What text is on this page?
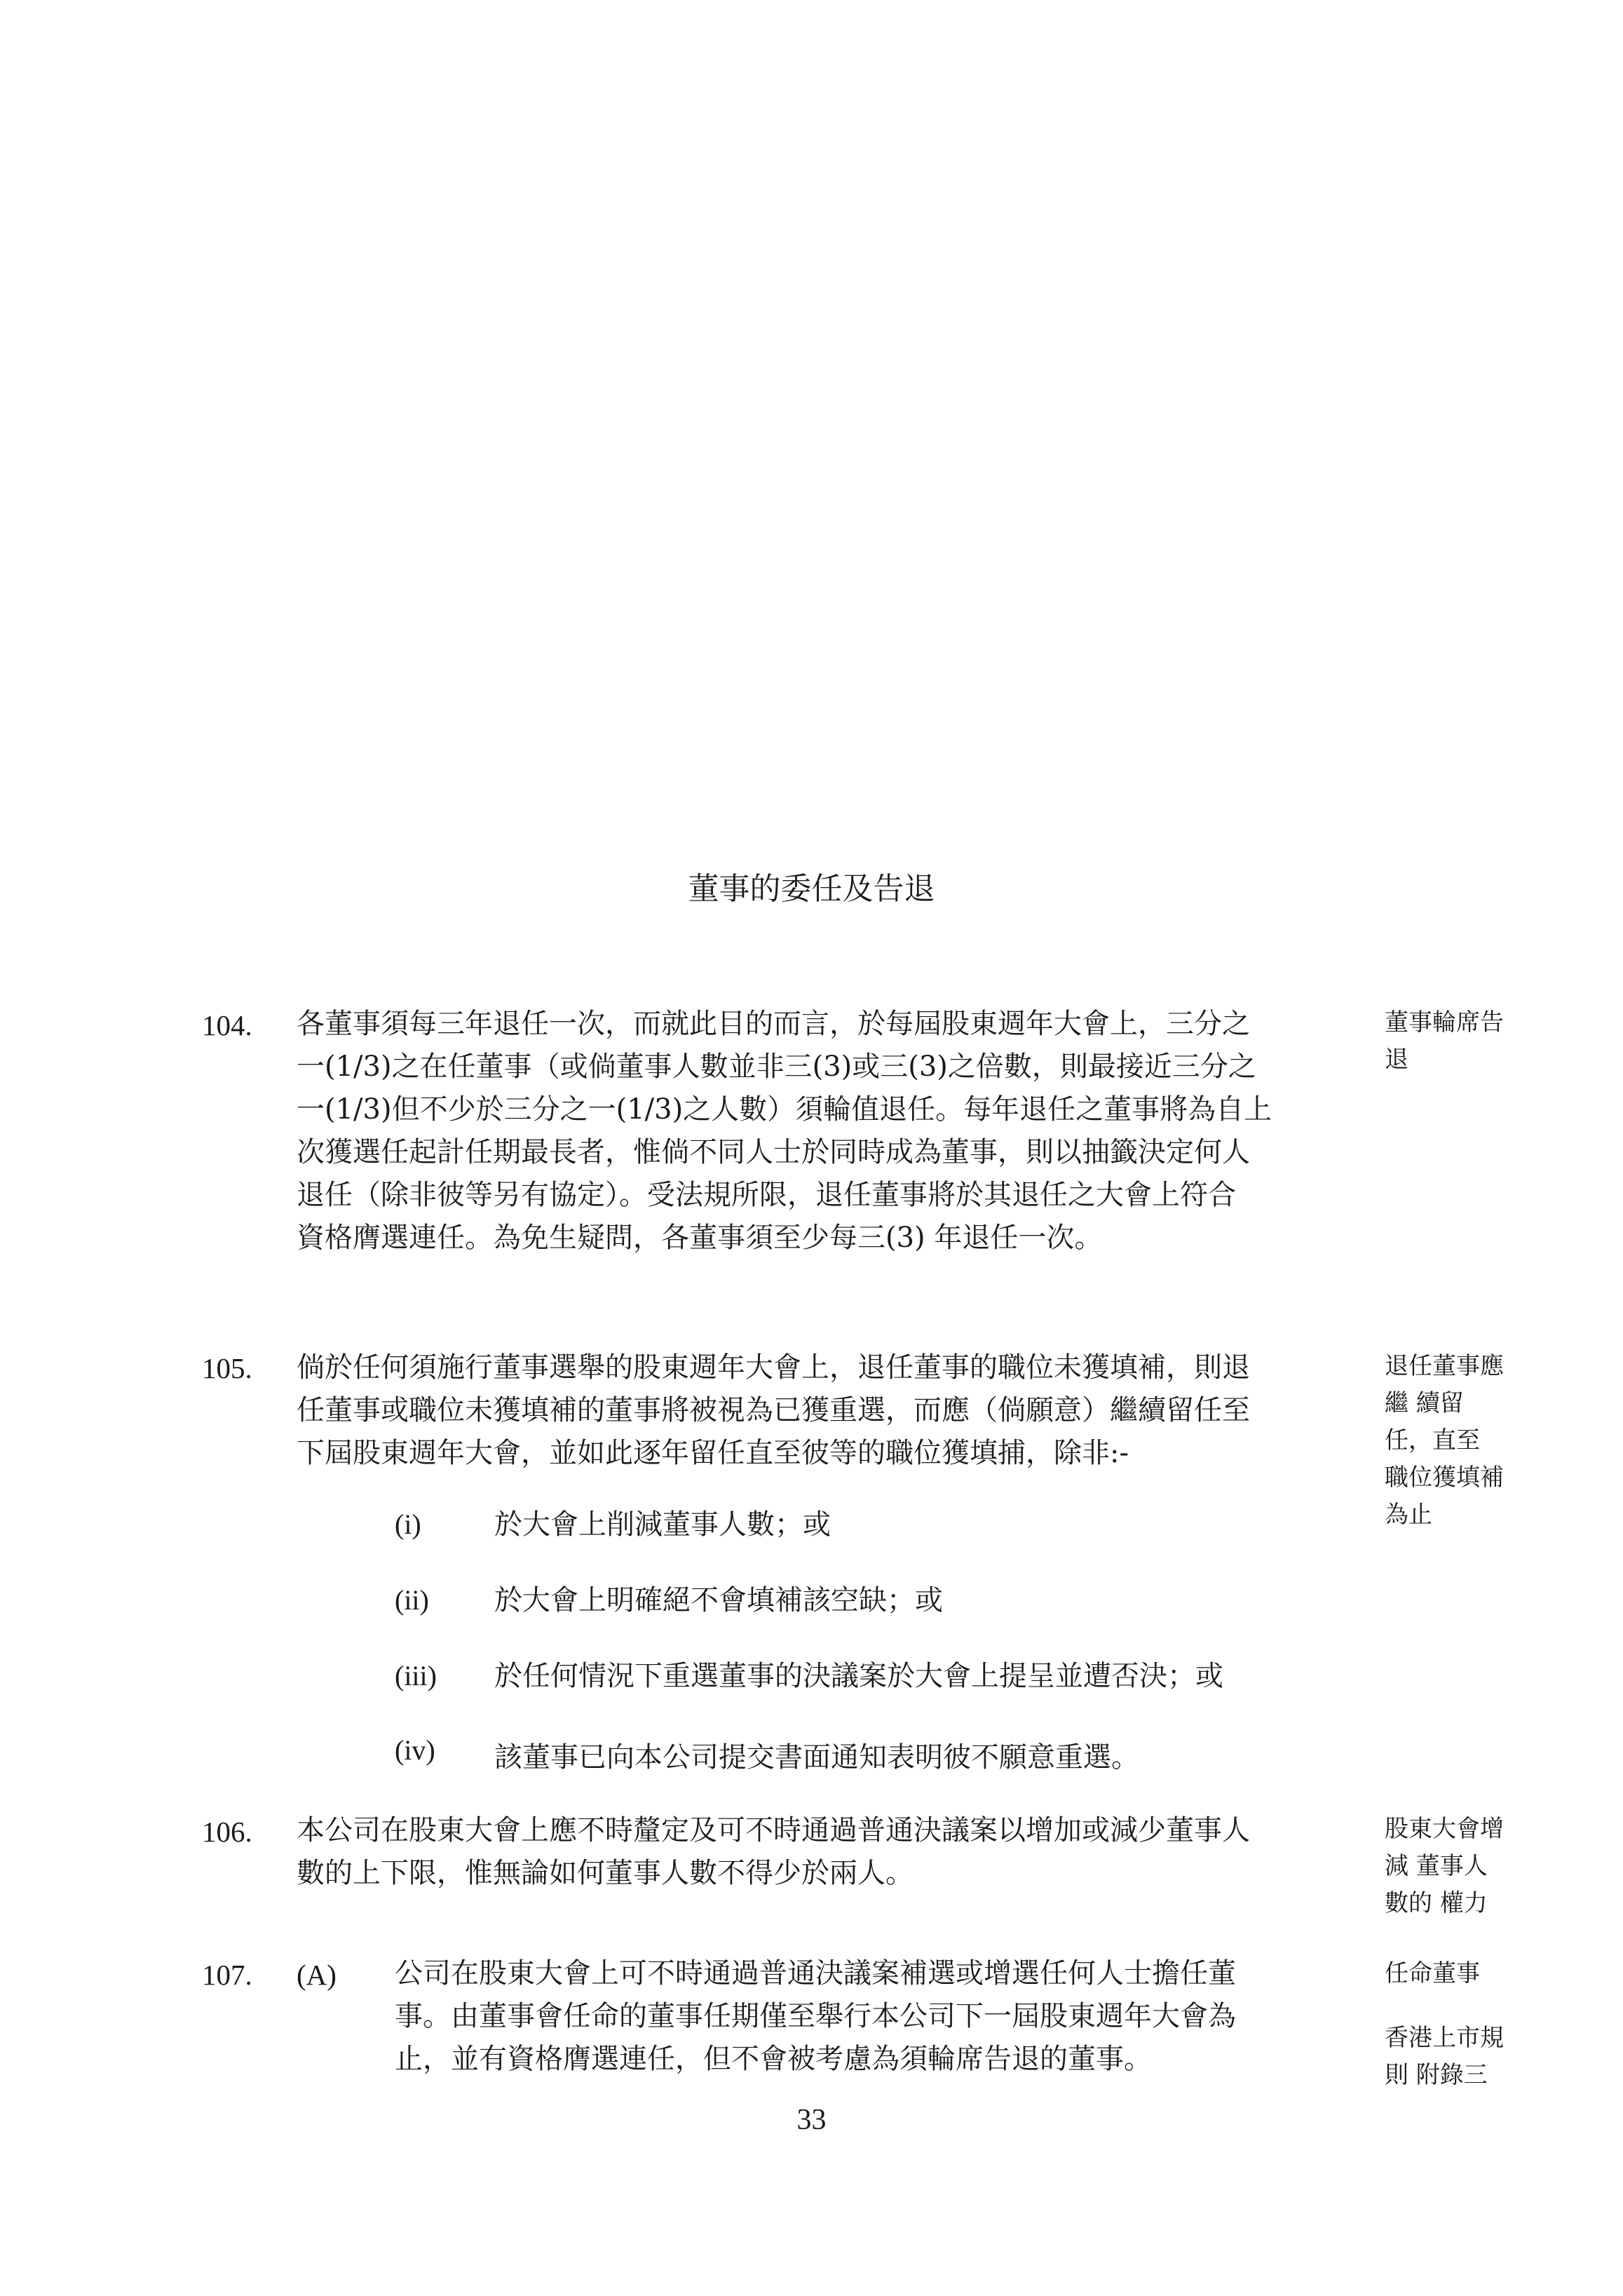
董事的委任及告退
104. 各董事須每三年退任一次，而就此目的而言，於每屆股東週年大會上，三分之
一(1/3)之在任董事（或倘董事人數並非三(3)或三(3)之倍數，則最接近三分之
一(1/3)但不少於三分之一(1/3)之人數）須輪值退任。每年退任之董事將為自上
次獲選任起計任期最長者，惟倘不同人士於同時成為董事，則以抽籤決定何人
退任（除非彼等另有協定）。受法規所限，退任董事將於其退任之大會上符合
資格膺選連任。為免生疑問，各董事須至少每三(3) 年退任一次。
董事輪席告
退
105. 倘於任何須施行董事選舉的股東週年大會上，退任董事的職位未獲填補，則退
任董事或職位未獲填補的董事將被視為已獲重選，而應（倘願意）繼續留任至
下屆股東週年大會，並如此逐年留任直至彼等的職位獲填捕，除非:-
退任董事應
繼 續留
任，直至
職位獲填補
為止
(i)	於大會上削減董事人數；或
(ii) 於大會上明確絕不會填補該空缺；或
(iii) 於任何情況下重選董事的決議案於大會上提呈並遭否決；或
(iv) 該董事已向本公司提交書面通知表明彼不願意重選。
106. 本公司在股東大會上應不時釐定及可不時通過普通決議案以增加或減少董事人
數的上下限，惟無論如何董事人數不得少於兩人。
股東大會增
減 董事人
數的 權力
107. (A) 公司在股東大會上可不時通過普通決議案補選或增選任何人士擔任董
事。由董事會任命的董事任期僅至舉行本公司下一屆股東週年大會為
止，並有資格膺選連任，但不會被考慮為須輪席告退的董事。
任命董事
香港上市規
則 附錄三
33
